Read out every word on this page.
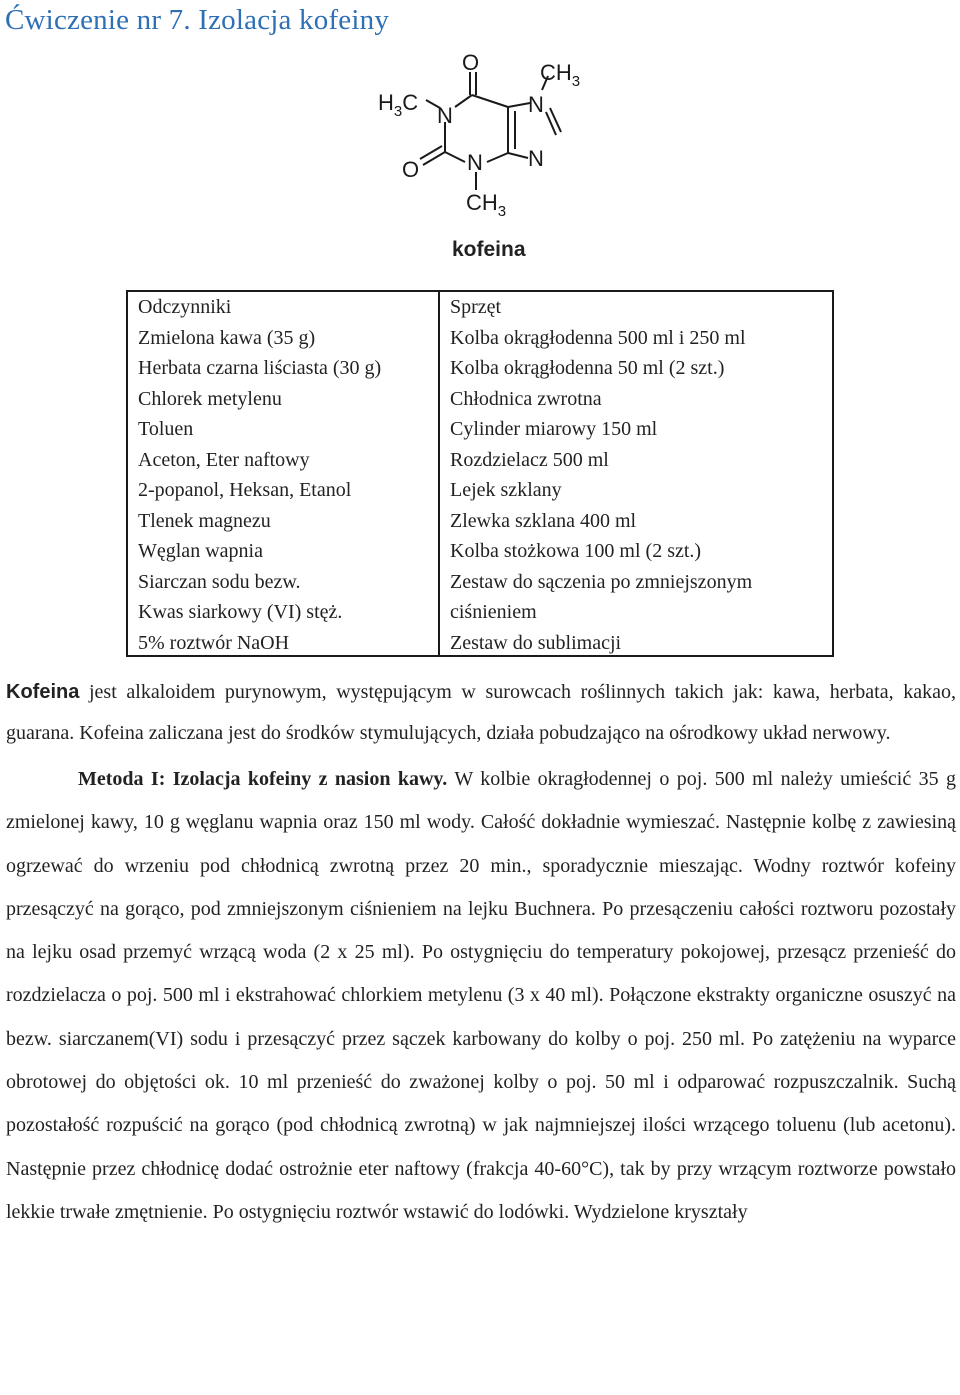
Ćwiczenie nr 7. Izolacja kofeiny
$H_3C$
O	$CH_3$
N	N
O N N
$CH_3$
kofeina
Odczynniki
Zmielona kawa (35 g)
Herbata czarna liściasta (30 g)
Chlorek metylenu
Toluen
Aceton, Eter naftowy
2-popanol, Heksan, Etanol
Tlenek magnezu
Węglan wapnia
Siarczan sodu bezw.
Kwas siarkowy (VI) stęż.
5% roztwór NaOH
Sprzęt
Kolba okrągłodenna 500 ml i 250 ml
Kolba okrągłodenna 50 ml (2 szt.)
Chłodnica zwrotna
Cylinder miarowy 150 ml
Rozdzielacz 500 ml
Lejek szklany
Zlewka szklana 400 ml
Kolba stożkowa 100 ml (2 szt.)
Zestaw do sączenia po zmniejszonym
ciśnieniem
Zestaw do sublimacji

Kofeina jest alkaloidem purynowym, występującym w surowcach roślinnych takich jak: kawa, herbata, kakao, guarana. Kofeina zaliczana jest do środków stymulujących, działa pobudzająco na ośrodkowy układ nerwowy.

Metoda I: Izolacja kofeiny z nasion kawy. W kolbie okragłodennej o poj. 500 ml należy umieścić 35 g zmielonej kawy, 10 g węglanu wapnia oraz 150 ml wody. Całość dokładnie wymieszać. Następnie kolbę z zawiesiną ogrzewać do wrzeniu pod chłodnicą zwrotną przez 20 min., sporadycznie mieszając. Wodny roztwór kofeiny przesączyć na gorąco, pod zmniejszonym ciśnieniem na lejku Buchnera. Po przesączeniu całości roztworu pozostały na lejku osad przemyć wrzącą woda (2 x 25 ml). Po ostygnięciu do temperatury pokojowej, przesącz przenieść do rozdzielacza o poj. 500 ml i ekstrahować chlorkiem metylenu (3 x 40 ml). Połączone ekstrakty organiczne osuszyć na bezw. siarczanem(VI) sodu i przesączyć przez sączek karbowany do kolby o poj. 250 ml. Po zatężeniu na wyparce obrotowej do objętości ok. 10 ml przenieść do zważonej kolby o poj. 50 ml i odparować rozpuszczalnik. Suchą pozostałość rozpuścić na gorąco (pod chłodnicą zwrotną) w jak najmniejszej ilości wrzącego toluenu (lub acetonu). Następnie przez chłodnicę dodać ostrożnie eter naftowy (frakcja 40-60°C), tak by przy wrzącym roztworze powstało lekkie trwałe zmętnienie. Po ostygnięciu roztwór wstawić do lodówki. Wydzielone kryształy
